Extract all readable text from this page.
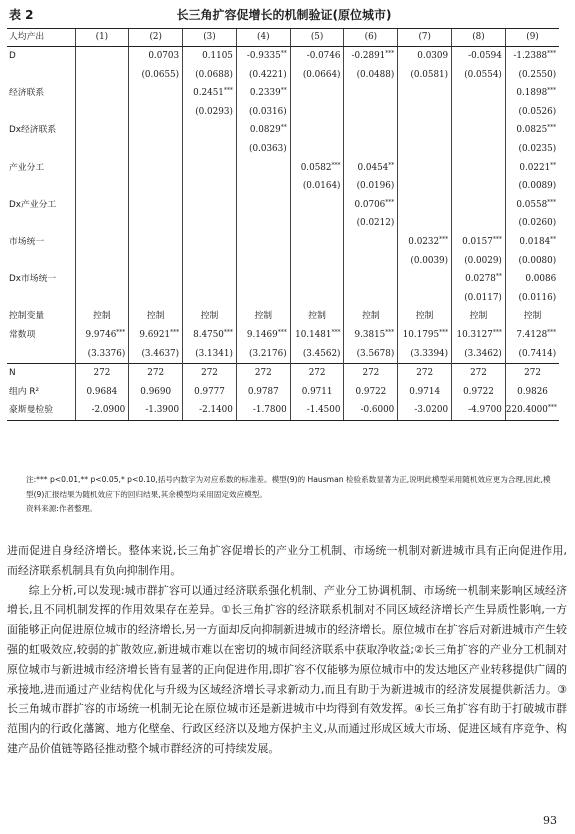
表 2	长三角扩容促增长的机制验证(原位城市)
人均产出	(1)	(2)	(3)	(4)	(5)	(6)	(7)	(8)	(9)
D		0.0703	0.1105	-0.9335**	-0.0746	-0.2891***	0.0309	-0.0594	-1.2388***
		(0.0655)	(0.0688)	(0.4221)	(0.0664)	(0.0488)	(0.0581)	(0.0554)	(0.2550)
经济联系			0.2451***	0.2339**					0.1898***
			(0.0293)	(0.0316)					(0.0526)
Dx经济联系				0.0829**					0.0825***
				(0.0363)					(0.0235)
产业分工					0.0582***	0.0454**			0.0221**
					(0.0164)	(0.0196)			(0.0089)
Dx产业分工						0.0706***			0.0558***
						(0.0212)			(0.0260)
市场统一							0.0232***	0.0157***	0.0184**
							(0.0039)	(0.0029)	(0.0080)
Dx市场统一								0.0278**	0.0086
								(0.0117)	(0.0116)
控制变量	控制	控制	控制	控制	控制	控制	控制	控制	控制
常数项	9.9746***	9.6921***	8.4750***	9.1469***	10.1481***	9.3815***	10.1795***	10.3127***	7.4128***
	(3.3376)	(3.4637)	(3.1341)	(3.2176)	(3.4562)	(3.5678)	(3.3394)	(3.3462)	(0.7414)
N	272	272	272	272	272	272	272	272	272
组内 R²	0.9684	0.9690	0.9777	0.9787	0.9711	0.9722	0.9714	0.9722	0.9826
豪斯曼检验	-2.0900	-1.3900	-2.1400	-1.7800	-1.4500	-0.6000	-3.0200	-4.9700	220.4000***
注:*** p<0.01,** p<0.05,* p<0.10,括号内数字为对应系数的标准差。模型(9)的 Hausman 检验系数显著为正,说明此模型采用随机效应更为合理,因此,模型(9)汇报结果为随机效应下的回归结果,其余模型均采用固定效应模型。
资料来源:作者整理。

进而促进自身经济增长。整体来说,长三角扩容促增长的产业分工机制、市场统一机制对新进城市具有正向促进作用,而经济联系机制具有负向抑制作用。

综上分析,可以发现:城市群扩容可以通过经济联系强化机制、产业分工协调机制、市场统一机制来影响区域经济增长,且不同机制发挥的作用效果存在差异。①长三角扩容的经济联系机制对不同区域经济增长产生异质性影响,一方面能够正向促进原位城市的经济增长,另一方面却反向抑制新进城市的经济增长。原位城市在扩容后对新进城市产生较强的虹吸效应,较弱的扩散效应,新进城市难以在密切的城市间经济联系中获取净收益;②长三角扩容的产业分工机制对原位城市与新进城市经济增长皆有显著的正向促进作用,即扩容不仅能够为原位城市中的发达地区产业转移提供广阔的承接地,进而通过产业结构优化与升级为区域经济增长寻求新动力,而且有助于为新进城市的经济发展提供新活力。③长三角城市群扩容的市场统一机制无论在原位城市还是新进城市中均得到有效发挥。④长三角扩容有助于打破城市群范围内的行政化藩篱、地方化壁垒、行政区经济以及地方保护主义,从而通过形成区域大市场、促进区域有序竞争、构建产品价值链等路径推动整个城市群经济的可持续发展。

93
